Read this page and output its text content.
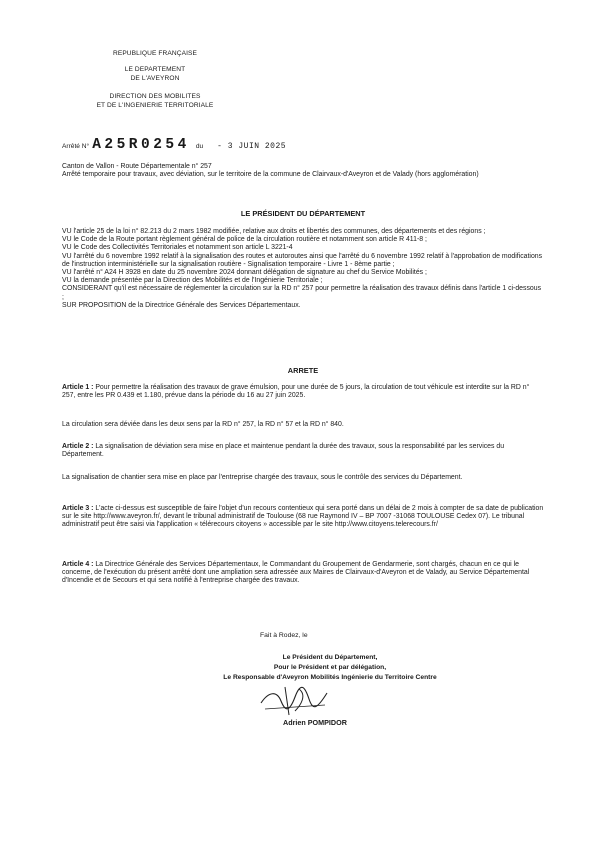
REPUBLIQUE FRANÇAISE
LE DEPARTEMENT
DE L'AVEYRON
DIRECTION DES MOBILITES
ET DE L'INGENIERIE TERRITORIALE
Arrêté N° A25R0254 du - 3 JUIN 2025

Canton de Vallon - Route Départementale n° 257

Arrêté temporaire pour travaux, avec déviation, sur le territoire de la commune de Clairvaux-d'Aveyron et de Valady (hors agglomération)

LE PRÉSIDENT DU DÉPARTEMENT

VU l'article 25 de la loi n° 82.213 du 2 mars 1982 modifiée, relative aux droits et libertés des communes, des départements et des régions ;

VU le Code de la Route portant règlement général de police de la circulation routière et notamment son article R 411-8 ;

VU le Code des Collectivités Territoriales et notamment son article L 3221-4

VU l'arrêté du 6 novembre 1992 relatif à la signalisation des routes et autoroutes ainsi que l'arrêté du 6 novembre 1992 relatif à l'approbation de modifications de l'instruction interministérielle sur la signalisation routière - Signalisation temporaire - Livre 1 - 8ème partie ;

VU l'arrêté n° A24 H 3928 en date du 25 novembre 2024 donnant délégation de signature au chef du Service Mobilités ;

VU la demande présentée par la Direction des Mobilités et de l'Ingénierie Territoriale ;

CONSIDERANT qu'il est nécessaire de réglementer la circulation sur la RD n° 257 pour permettre la réalisation des travaux définis dans l'article 1 ci-dessous ;

SUR PROPOSITION de la Directrice Générale des Services Départementaux.

ARRETE

Article 1 : Pour permettre la réalisation des travaux de grave émulsion, pour une durée de 5 jours, la circulation de tout véhicule est interdite sur la RD n° 257, entre les PR 0.439 et 1.180, prévue dans la période du 16 au 27 juin 2025.

La circulation sera déviée dans les deux sens par la RD n° 257, la RD n° 57 et la RD n° 840.

Article 2 : La signalisation de déviation sera mise en place et maintenue pendant la durée des travaux, sous la responsabilité par les services du Département.

La signalisation de chantier sera mise en place par l'entreprise chargée des travaux, sous le contrôle des services du Département.

Article 3 : L'acte ci-dessus est susceptible de faire l'objet d'un recours contentieux qui sera porté dans un délai de 2 mois à compter de sa date de publication sur le site http://www.aveyron.fr/, devant le tribunal administratif de Toulouse (68 rue Raymond IV – BP 7007 -31068 TOULOUSE Cedex 07). Le tribunal administratif peut être saisi via l'application « télérecours citoyens » accessible par le site http://www.citoyens.telerecours.fr/

Article 4 : La Directrice Générale des Services Départementaux, le Commandant du Groupement de Gendarmerie, sont chargés, chacun en ce qui le concerne, de l'exécution du présent arrêté dont une ampliation sera adressée aux Maires de Clairvaux-d'Aveyron et de Valady, au Service Départemental d'Incendie et de Secours et qui sera notifié à l'entreprise chargée des travaux.

Fait à Rodez, le
Le Président du Département,
Pour le Président et par délégation,
Le Responsable d'Aveyron Mobilités Ingénierie du Territoire Centre
Adrien POMPIDOR
